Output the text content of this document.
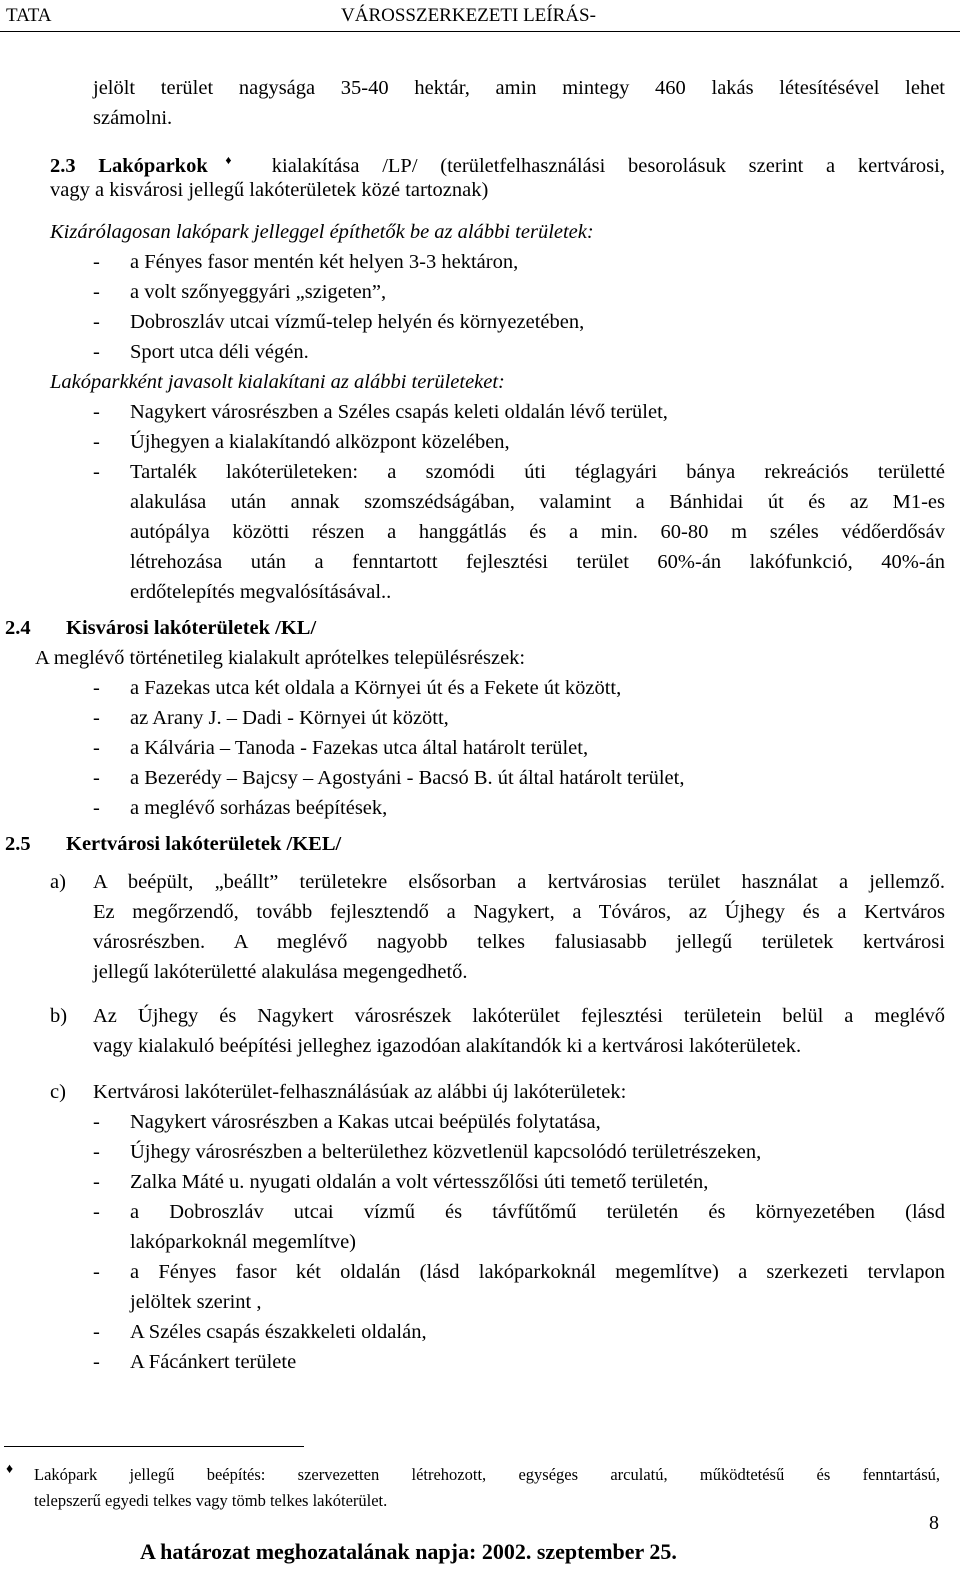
TATA	VÁROSSZERKEZETI LEÍRÁS-
jelölt terület nagysága 35-40 hektár, amin mintegy 460 lakás létesítésével lehet
számolni.
2.3 Lakóparkok♦ kialakítása /LP/ (területfelhasználási besorolásuk szerint a kertvárosi,
vagy a kisvárosi jellegű lakóterületek közé tartoznak)
Kizárólagosan lakópark jelleggel építhetők be az alábbi területek:
- a Fényes fasor mentén két helyen 3-3 hektáron,
- a volt szőnyeggyári „szigeten”,
- Dobroszláv utcai vízmű-telep helyén és környezetében,
- Sport utca déli végén.
Lakóparkként javasolt kialakítani az alábbi területeket:
- Nagykert városrészben a Széles csapás keleti oldalán lévő terület,
- Újhegyen a kialakítandó alközpont közelében,
- Tartalék lakóterületeken: a szomódi úti téglagyári bánya rekreációs területté
alakulása után annak szomszédságában, valamint a Bánhidai út és az M1-es
autópálya közötti részen a hanggátlás és a min. 60-80 m széles védőerdősáv
létrehozása után a fenntartott fejlesztési terület 60%-án lakófunkció, 40%-án
erdőtelepítés megvalósításával..
2.4 Kisvárosi lakóterületek /KL/
A meglévő történetileg kialakult aprótelkes településrészek:
- a Fazekas utca két oldala a Környei út és a Fekete út között,
- az Arany J. – Dadi - Környei út között,
- a Kálvária – Tanoda - Fazekas utca által határolt terület,
- a Bezerédy – Bajcsy – Agostyáni - Bacsó B. út által határolt terület,
- a meglévő sorházas beépítések,
2.5 Kertvárosi lakóterületek /KEL/
a) A beépült, „beállt” területekre elsősorban a kertvárosias terület használat a jellemző.
Ez megőrzendő, tovább fejlesztendő a Nagykert, a Tóváros, az Újhegy és a Kertváros
városrészben. A meglévő nagyobb telkes falusiasabb jellegű területek kertvárosi
jellegű lakóterületté alakulása megengedhető.
b) Az Újhegy és Nagykert városrészek lakóterület fejlesztési területein belül a meglévő
vagy kialakuló beépítési jelleghez igazodóan alakítandók ki a kertvárosi lakóterületek.
c) Kertvárosi lakóterület-felhasználásúak az alábbi új lakóterületek:
- Nagykert városrészben a Kakas utcai beépülés folytatása,
- Újhegy városrészben a belterülethez közvetlenül kapcsolódó területrészeken,
- Zalka Máté u. nyugati oldalán a volt vértesszőlősi úti temető területén,
- a Dobroszláv utcai vízmű és távfűtőmű területén és környezetében (lásd
lakóparkoknál megemlítve)
- a Fényes fasor két oldalán (lásd lakóparkoknál megemlítve) a szerkezeti tervlapon
jelöltek szerint ,
- A Széles csapás északkeleti oldalán,
- A Fácánkert területe
♦ Lakópark jellegű beépítés: szervezetten létrehozott, egységes arculatú, működtetésű és fenntartású,
telepszerű egyedi telkes vagy tömb telkes lakóterület.
8
A határozat meghozatalának napja: 2002. szeptember 25.
